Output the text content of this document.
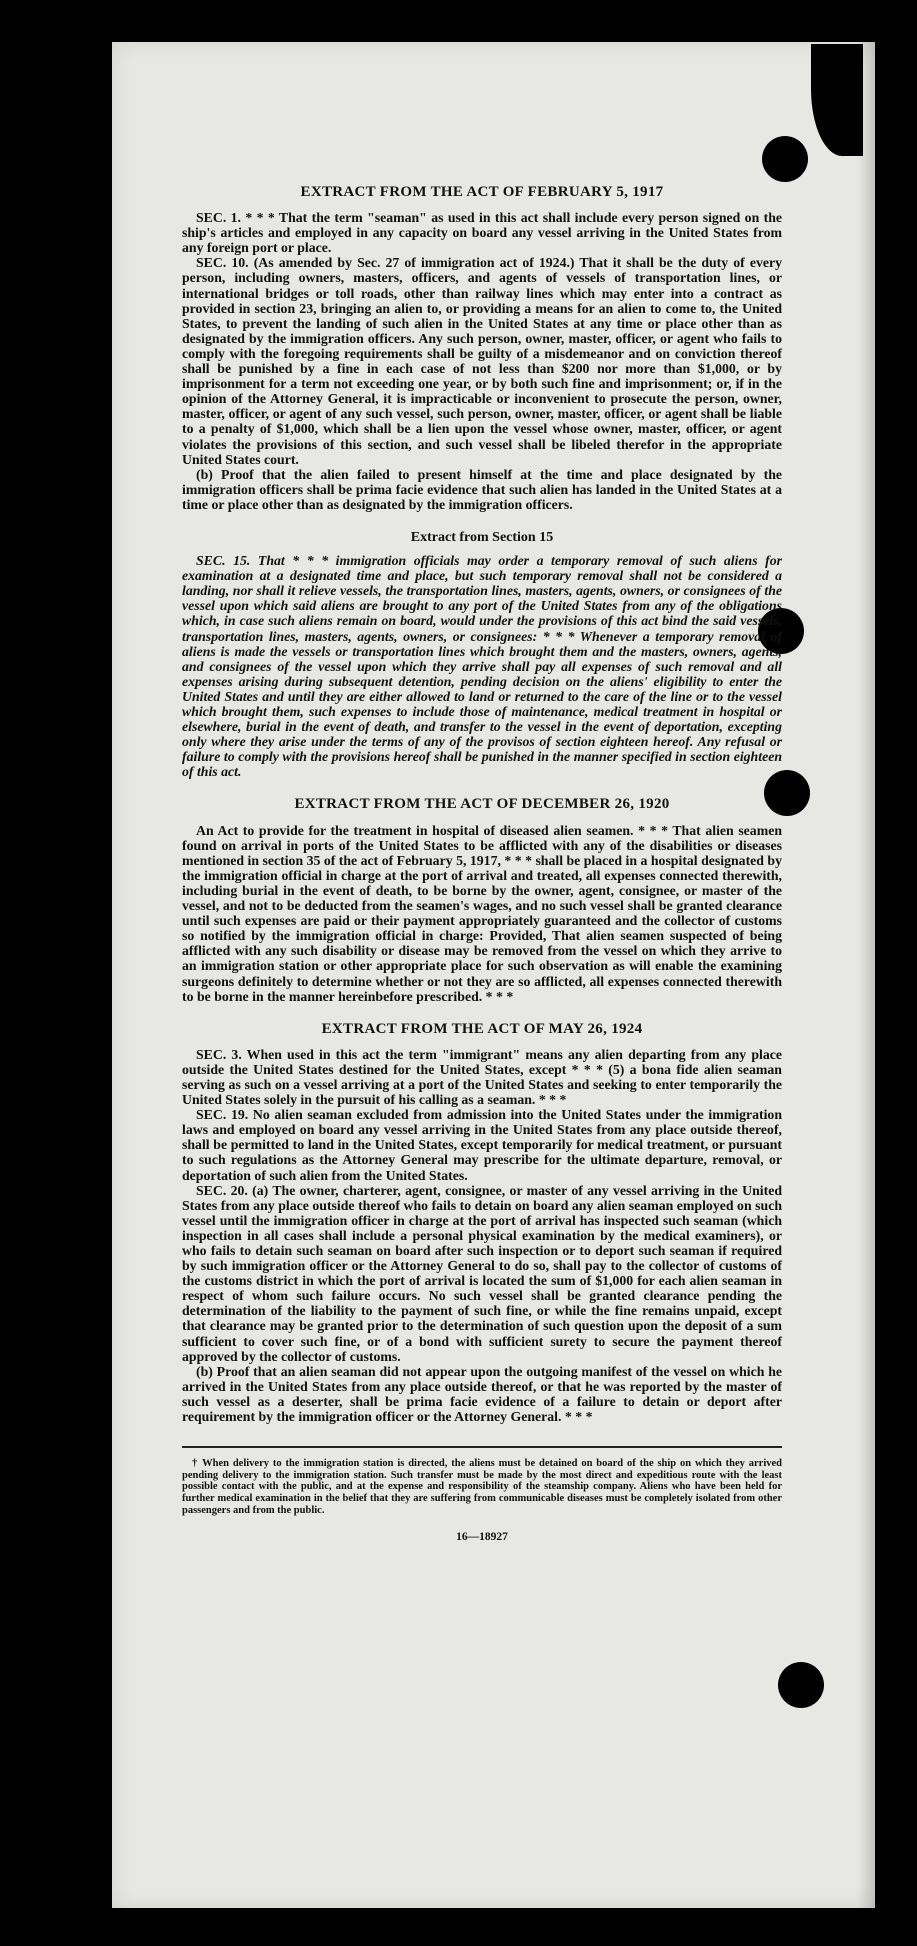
EXTRACT FROM THE ACT OF FEBRUARY 5, 1917

SEC. 1. * * * That the term "seaman" as used in this act shall include every person signed on the ship's articles and employed in any capacity on board any vessel arriving in the United States from any foreign port or place.

SEC. 10. (As amended by Sec. 27 of immigration act of 1924.) That it shall be the duty of every person, including owners, masters, officers, and agents of vessels of transportation lines, or international bridges or toll roads, other than railway lines which may enter into a contract as provided in section 23, bringing an alien to, or providing a means for an alien to come to, the United States, to prevent the landing of such alien in the United States at any time or place other than as designated by the immigration officers. Any such person, owner, master, officer, or agent who fails to comply with the foregoing requirements shall be guilty of a misdemeanor and on conviction thereof shall be punished by a fine in each case of not less than $200 nor more than $1,000, or by imprisonment for a term not exceeding one year, or by both such fine and imprisonment; or, if in the opinion of the Attorney General, it is impracticable or inconvenient to prosecute the person, owner, master, officer, or agent of any such vessel, such person, owner, master, officer, or agent shall be liable to a penalty of $1,000, which shall be a lien upon the vessel whose owner, master, officer, or agent violates the provisions of this section, and such vessel shall be libeled therefor in the appropriate United States court.

(b) Proof that the alien failed to present himself at the time and place designated by the immigration officers shall be prima facie evidence that such alien has landed in the United States at a time or place other than as designated by the immigration officers.

Extract from Section 15

SEC. 15. That * * * immigration officials may order a temporary removal of such aliens for examination at a designated time and place, but such temporary removal shall not be considered a landing, nor shall it relieve vessels, the transportation lines, masters, agents, owners, or consignees of the vessel upon which said aliens are brought to any port of the United States from any of the obligations which, in case such aliens remain on board, would under the provisions of this act bind the said vessels, transportation lines, masters, agents, owners, or consignees: * * * Whenever a temporary removal of aliens is made the vessels or transportation lines which brought them and the masters, owners, agents, and consignees of the vessel upon which they arrive shall pay all expenses of such removal and all expenses arising during subsequent detention, pending decision on the aliens' eligibility to enter the United States and until they are either allowed to land or returned to the care of the line or to the vessel which brought them, such expenses to include those of maintenance, medical treatment in hospital or elsewhere, burial in the event of death, and transfer to the vessel in the event of deportation, excepting only where they arise under the terms of any of the provisos of section eighteen hereof. Any refusal or failure to comply with the provisions hereof shall be punished in the manner specified in section eighteen of this act.

EXTRACT FROM THE ACT OF DECEMBER 26, 1920

An Act to provide for the treatment in hospital of diseased alien seamen. * * * That alien seamen found on arrival in ports of the United States to be afflicted with any of the disabilities or diseases mentioned in section 35 of the act of February 5, 1917, * * * shall be placed in a hospital designated by the immigration official in charge at the port of arrival and treated, all expenses connected therewith, including burial in the event of death, to be borne by the owner, agent, consignee, or master of the vessel, and not to be deducted from the seamen's wages, and no such vessel shall be granted clearance until such expenses are paid or their payment appropriately guaranteed and the collector of customs so notified by the immigration official in charge: Provided, That alien seamen suspected of being afflicted with any such disability or disease may be removed from the vessel on which they arrive to an immigration station or other appropriate place for such observation as will enable the examining surgeons definitely to determine whether or not they are so afflicted, all expenses connected therewith to be borne in the manner hereinbefore prescribed. * * *

EXTRACT FROM THE ACT OF MAY 26, 1924

SEC. 3. When used in this act the term "immigrant" means any alien departing from any place outside the United States destined for the United States, except * * * (5) a bona fide alien seaman serving as such on a vessel arriving at a port of the United States and seeking to enter temporarily the United States solely in the pursuit of his calling as a seaman. * * *

SEC. 19. No alien seaman excluded from admission into the United States under the immigration laws and employed on board any vessel arriving in the United States from any place outside thereof, shall be permitted to land in the United States, except temporarily for medical treatment, or pursuant to such regulations as the Attorney General may prescribe for the ultimate departure, removal, or deportation of such alien from the United States.

SEC. 20. (a) The owner, charterer, agent, consignee, or master of any vessel arriving in the United States from any place outside thereof who fails to detain on board any alien seaman employed on such vessel until the immigration officer in charge at the port of arrival has inspected such seaman (which inspection in all cases shall include a personal physical examination by the medical examiners), or who fails to detain such seaman on board after such inspection or to deport such seaman if required by such immigration officer or the Attorney General to do so, shall pay to the collector of customs of the customs district in which the port of arrival is located the sum of $1,000 for each alien seaman in respect of whom such failure occurs. No such vessel shall be granted clearance pending the determination of the liability to the payment of such fine, or while the fine remains unpaid, except that clearance may be granted prior to the determination of such question upon the deposit of a sum sufficient to cover such fine, or of a bond with sufficient surety to secure the payment thereof approved by the collector of customs.

(b) Proof that an alien seaman did not appear upon the outgoing manifest of the vessel on which he arrived in the United States from any place outside thereof, or that he was reported by the master of such vessel as a deserter, shall be prima facie evidence of a failure to detain or deport after requirement by the immigration officer or the Attorney General. * * *

† When delivery to the immigration station is directed, the aliens must be detained on board of the ship on which they arrived pending delivery to the immigration station. Such transfer must be made by the most direct and expeditious route with the least possible contact with the public, and at the expense and responsibility of the steamship company. Aliens who have been held for further medical examination in the belief that they are suffering from communicable diseases must be completely isolated from other passengers and from the public.

16—18927
